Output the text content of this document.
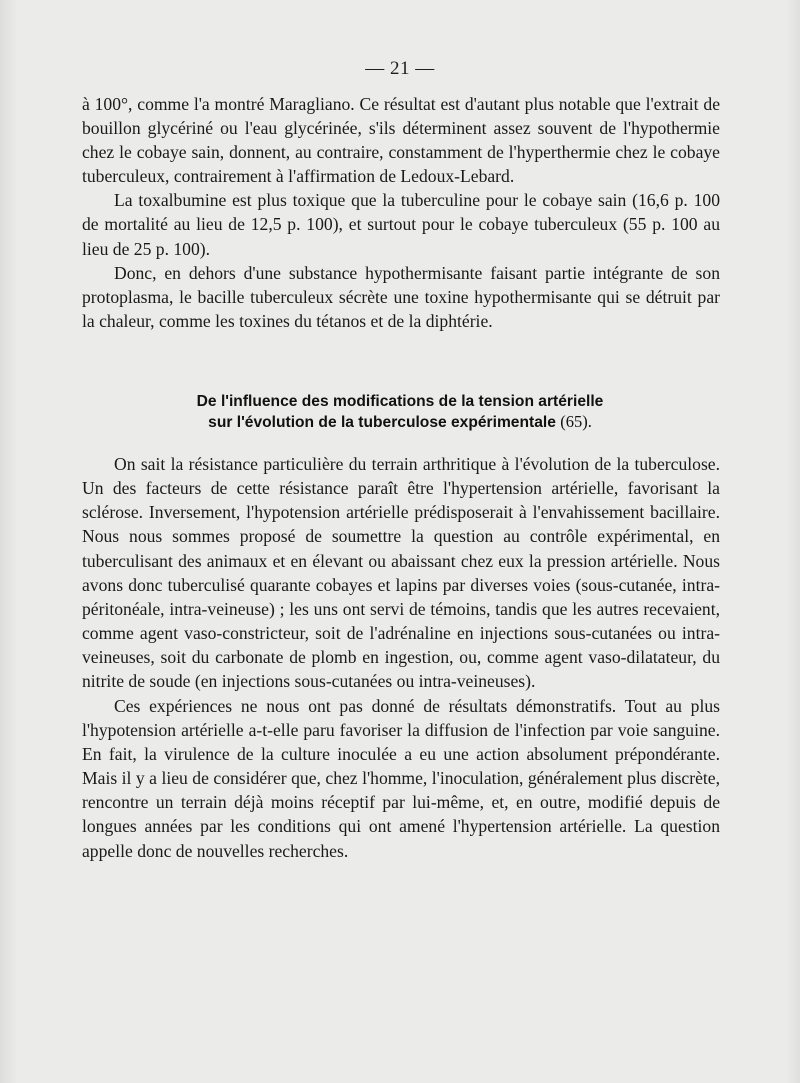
— 21 —

à 100°, comme l'a montré Maragliano. Ce résultat est d'autant plus notable que l'extrait de bouillon glycériné ou l'eau glycérinée, s'ils déterminent assez souvent de l'hypothermie chez le cobaye sain, donnent, au contraire, constamment de l'hyperthermie chez le cobaye tuberculeux, contrairement à l'affirmation de Ledoux-Lebard.

La toxalbumine est plus toxique que la tuberculine pour le cobaye sain (16,6 p. 100 de mortalité au lieu de 12,5 p. 100), et surtout pour le cobaye tuberculeux (55 p. 100 au lieu de 25 p. 100).

Donc, en dehors d'une substance hypothermisante faisant partie intégrante de son protoplasma, le bacille tuberculeux sécrète une toxine hypothermisante qui se détruit par la chaleur, comme les toxines du tétanos et de la diphtérie.

De l'influence des modifications de la tension artérielle
sur l'évolution de la tuberculose expérimentale (65).

On sait la résistance particulière du terrain arthritique à l'évolution de la tuberculose. Un des facteurs de cette résistance paraît être l'hypertension artérielle, favorisant la sclérose. Inversement, l'hypotension artérielle prédisposerait à l'envahissement bacillaire. Nous nous sommes proposé de soumettre la question au contrôle expérimental, en tuberculisant des animaux et en élevant ou abaissant chez eux la pression artérielle. Nous avons donc tuberculisé quarante cobayes et lapins par diverses voies (sous-cutanée, intra-péritonéale, intra-veineuse) ; les uns ont servi de témoins, tandis que les autres recevaient, comme agent vaso-constricteur, soit de l'adrénaline en injections sous-cutanées ou intra-veineuses, soit du carbonate de plomb en ingestion, ou, comme agent vaso-dilatateur, du nitrite de soude (en injections sous-cutanées ou intra-veineuses).

Ces expériences ne nous ont pas donné de résultats démonstratifs. Tout au plus l'hypotension artérielle a-t-elle paru favoriser la diffusion de l'infection par voie sanguine. En fait, la virulence de la culture inoculée a eu une action absolument prépondérante. Mais il y a lieu de considérer que, chez l'homme, l'inoculation, généralement plus discrète, rencontre un terrain déjà moins réceptif par lui-même, et, en outre, modifié depuis de longues années par les conditions qui ont amené l'hypertension artérielle. La question appelle donc de nouvelles recherches.
